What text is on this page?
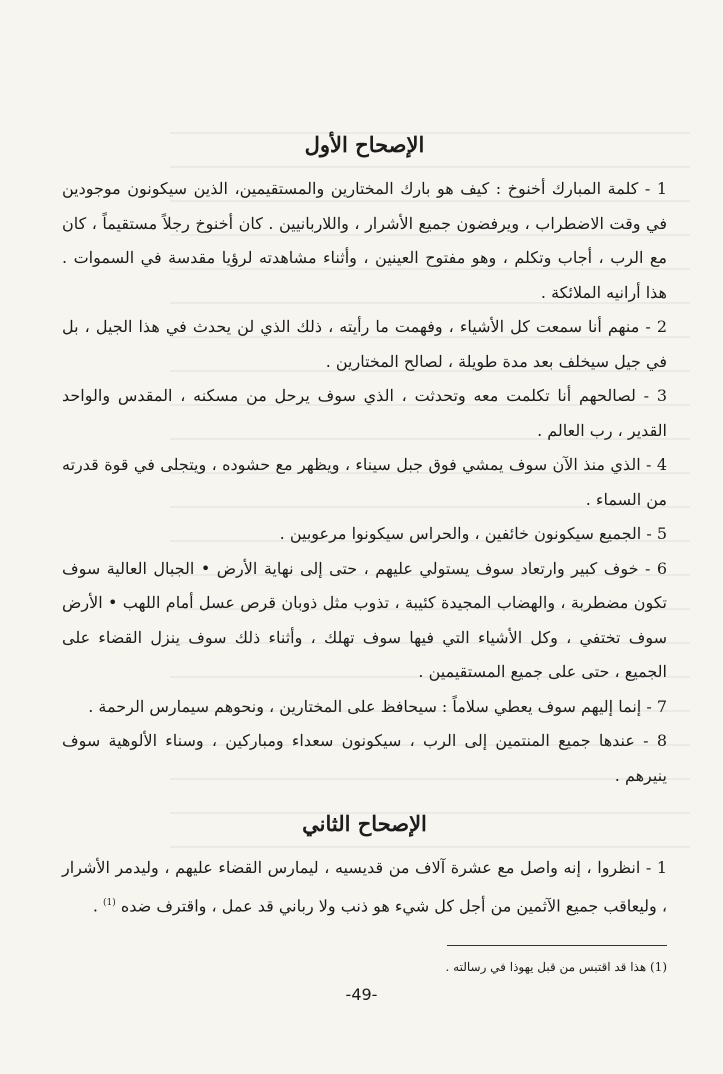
الإصحاح الأول

1 - كلمة المبارك أخنوخ : كيف هو بارك المختارين والمستقيمين، الذين سيكونون موجودين في وقت الاضطراب ، ويرفضون جميع الأشرار ، واللاربانيين . كان أخنوخ رجلاً مستقيماً ، كان مع الرب ، أجاب وتكلم ، وهو مفتوح العينين ، وأثناء مشاهدته لرؤيا مقدسة في السموات . هذا أرانيه الملائكة .

2 - منهم أنا سمعت كل الأشياء ، وفهمت ما رأيته ، ذلك الذي لن يحدث في هذا الجيل ، بل في جيل سيخلف بعد مدة طويلة ، لصالح المختارين .

3 - لصالحهم أنا تكلمت معه وتحدثت ، الذي سوف يرحل من مسكنه ، المقدس والواحد القدير ، رب العالم .

4 - الذي منذ الآن سوف يمشي فوق جبل سيناء ، ويظهر مع حشوده ، ويتجلى في قوة قدرته من السماء .

5 - الجميع سيكونون خائفين ، والحراس سيكونوا مرعوبين .

6 - خوف كبير وارتعاد سوف يستولي عليهم ، حتى إلى نهاية الأرض • الجبال العالية سوف تكون مضطربة ، والهضاب المجيدة كئيبة ، تذوب مثل ذوبان قرص عسل أمام اللهب • الأرض سوف تختفي ، وكل الأشياء التي فيها سوف تهلك ، وأثناء ذلك سوف ينزل القضاء على الجميع ، حتى على جميع المستقيمين .

7 - إنما إليهم سوف يعطي سلاماً : سيحافظ على المختارين ، ونحوهم سيمارس الرحمة .

8 - عندها جميع المنتمين إلى الرب ، سيكونون سعداء ومباركين ، وسناء الألوهية سوف ينيرهم .

الإصحاح الثاني

1 - انظروا ، إنه واصل مع عشرة آلاف من قديسيه ، ليمارس القضاء عليهم ، وليدمر الأشرار ، وليعاقب جميع الآثمين من أجل كل شيء هو ذنب ولا رباني قد عمل ، واقترف ضده $^{(1)}$ .

(1) هذا قد اقتبس من قبل يهوذا في رسالته .
-49-
